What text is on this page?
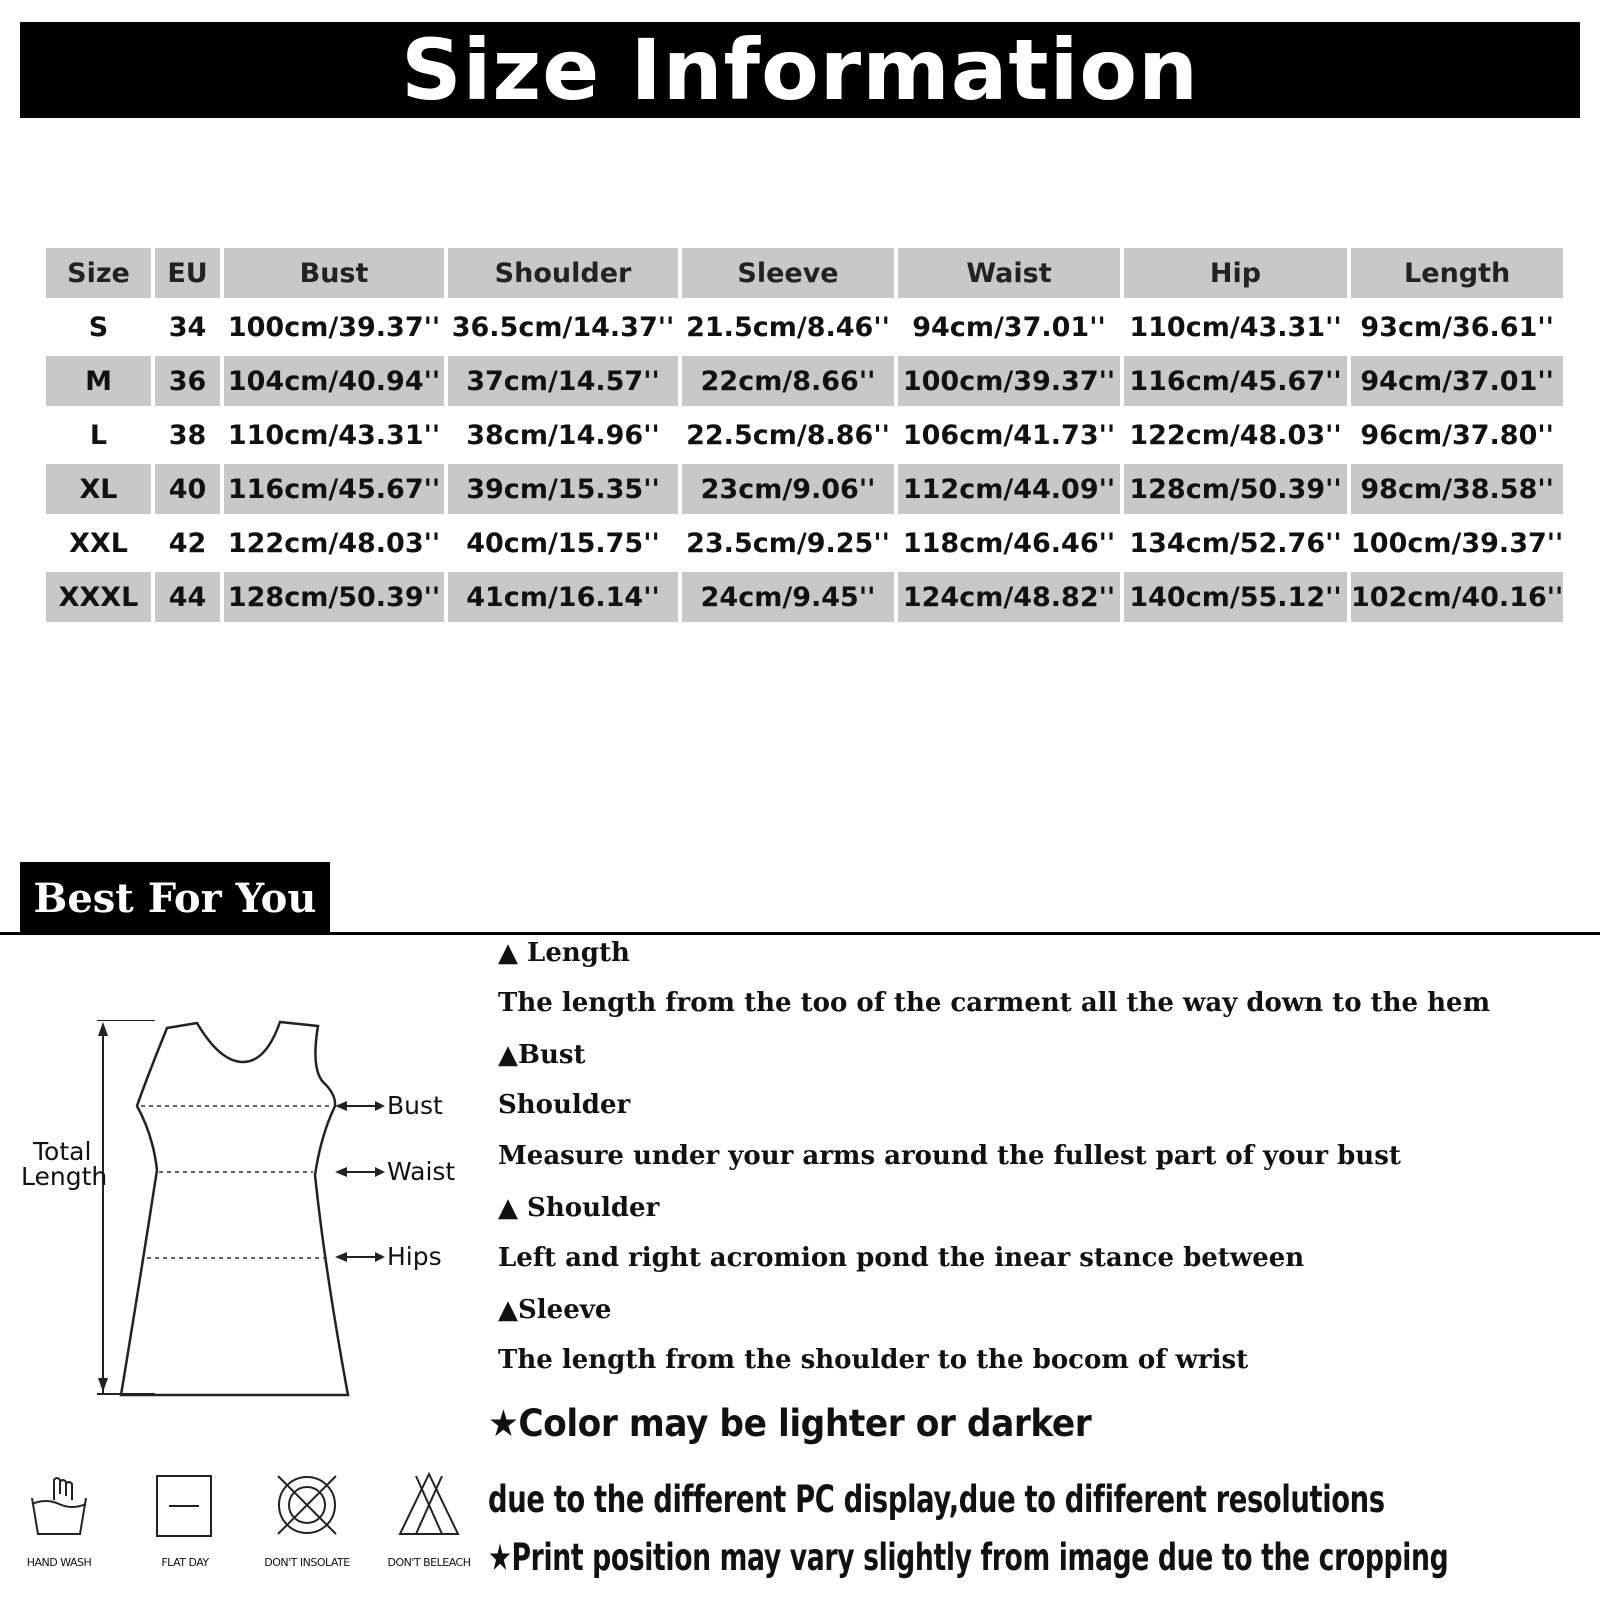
Size Information
Size	EU	Bust	Shoulder	Sleeve	Waist	Hip	Length
S	34	100cm/39.37''	36.5cm/14.37''	21.5cm/8.46''	94cm/37.01''	110cm/43.31''	93cm/36.61''
M	36	104cm/40.94''	37cm/14.57''	22cm/8.66''	100cm/39.37''	116cm/45.67''	94cm/37.01''
L	38	110cm/43.31''	38cm/14.96''	22.5cm/8.86''	106cm/41.73''	122cm/48.03''	96cm/37.80''
XL	40	116cm/45.67''	39cm/15.35''	23cm/9.06''	112cm/44.09''	128cm/50.39''	98cm/38.58''
XXL	42	122cm/48.03''	40cm/15.75''	23.5cm/9.25''	118cm/46.46''	134cm/52.76''	100cm/39.37''
XXXL	44	128cm/50.39''	41cm/16.14''	24cm/9.45''	124cm/48.82''	140cm/55.12''	102cm/40.16''
Best For You
Total
Length
Bust
Waist
Hips
HAND WASH	FLAT DAY	DON'T INSOLATE	DON'T BELEACH
▲ Length
The length from the too of the carment all the way down to the hem
▲Bust
Shoulder
Measure under your arms around the fullest part of your bust
▲ Shoulder
Left and right acromion pond the inear stance between
▲Sleeve
The length from the shoulder to the bocom of wrist
★Color may be lighter or darker
due to the different PC display,due to dififerent resolutions
★Print position may vary slightly from image due to the cropping
